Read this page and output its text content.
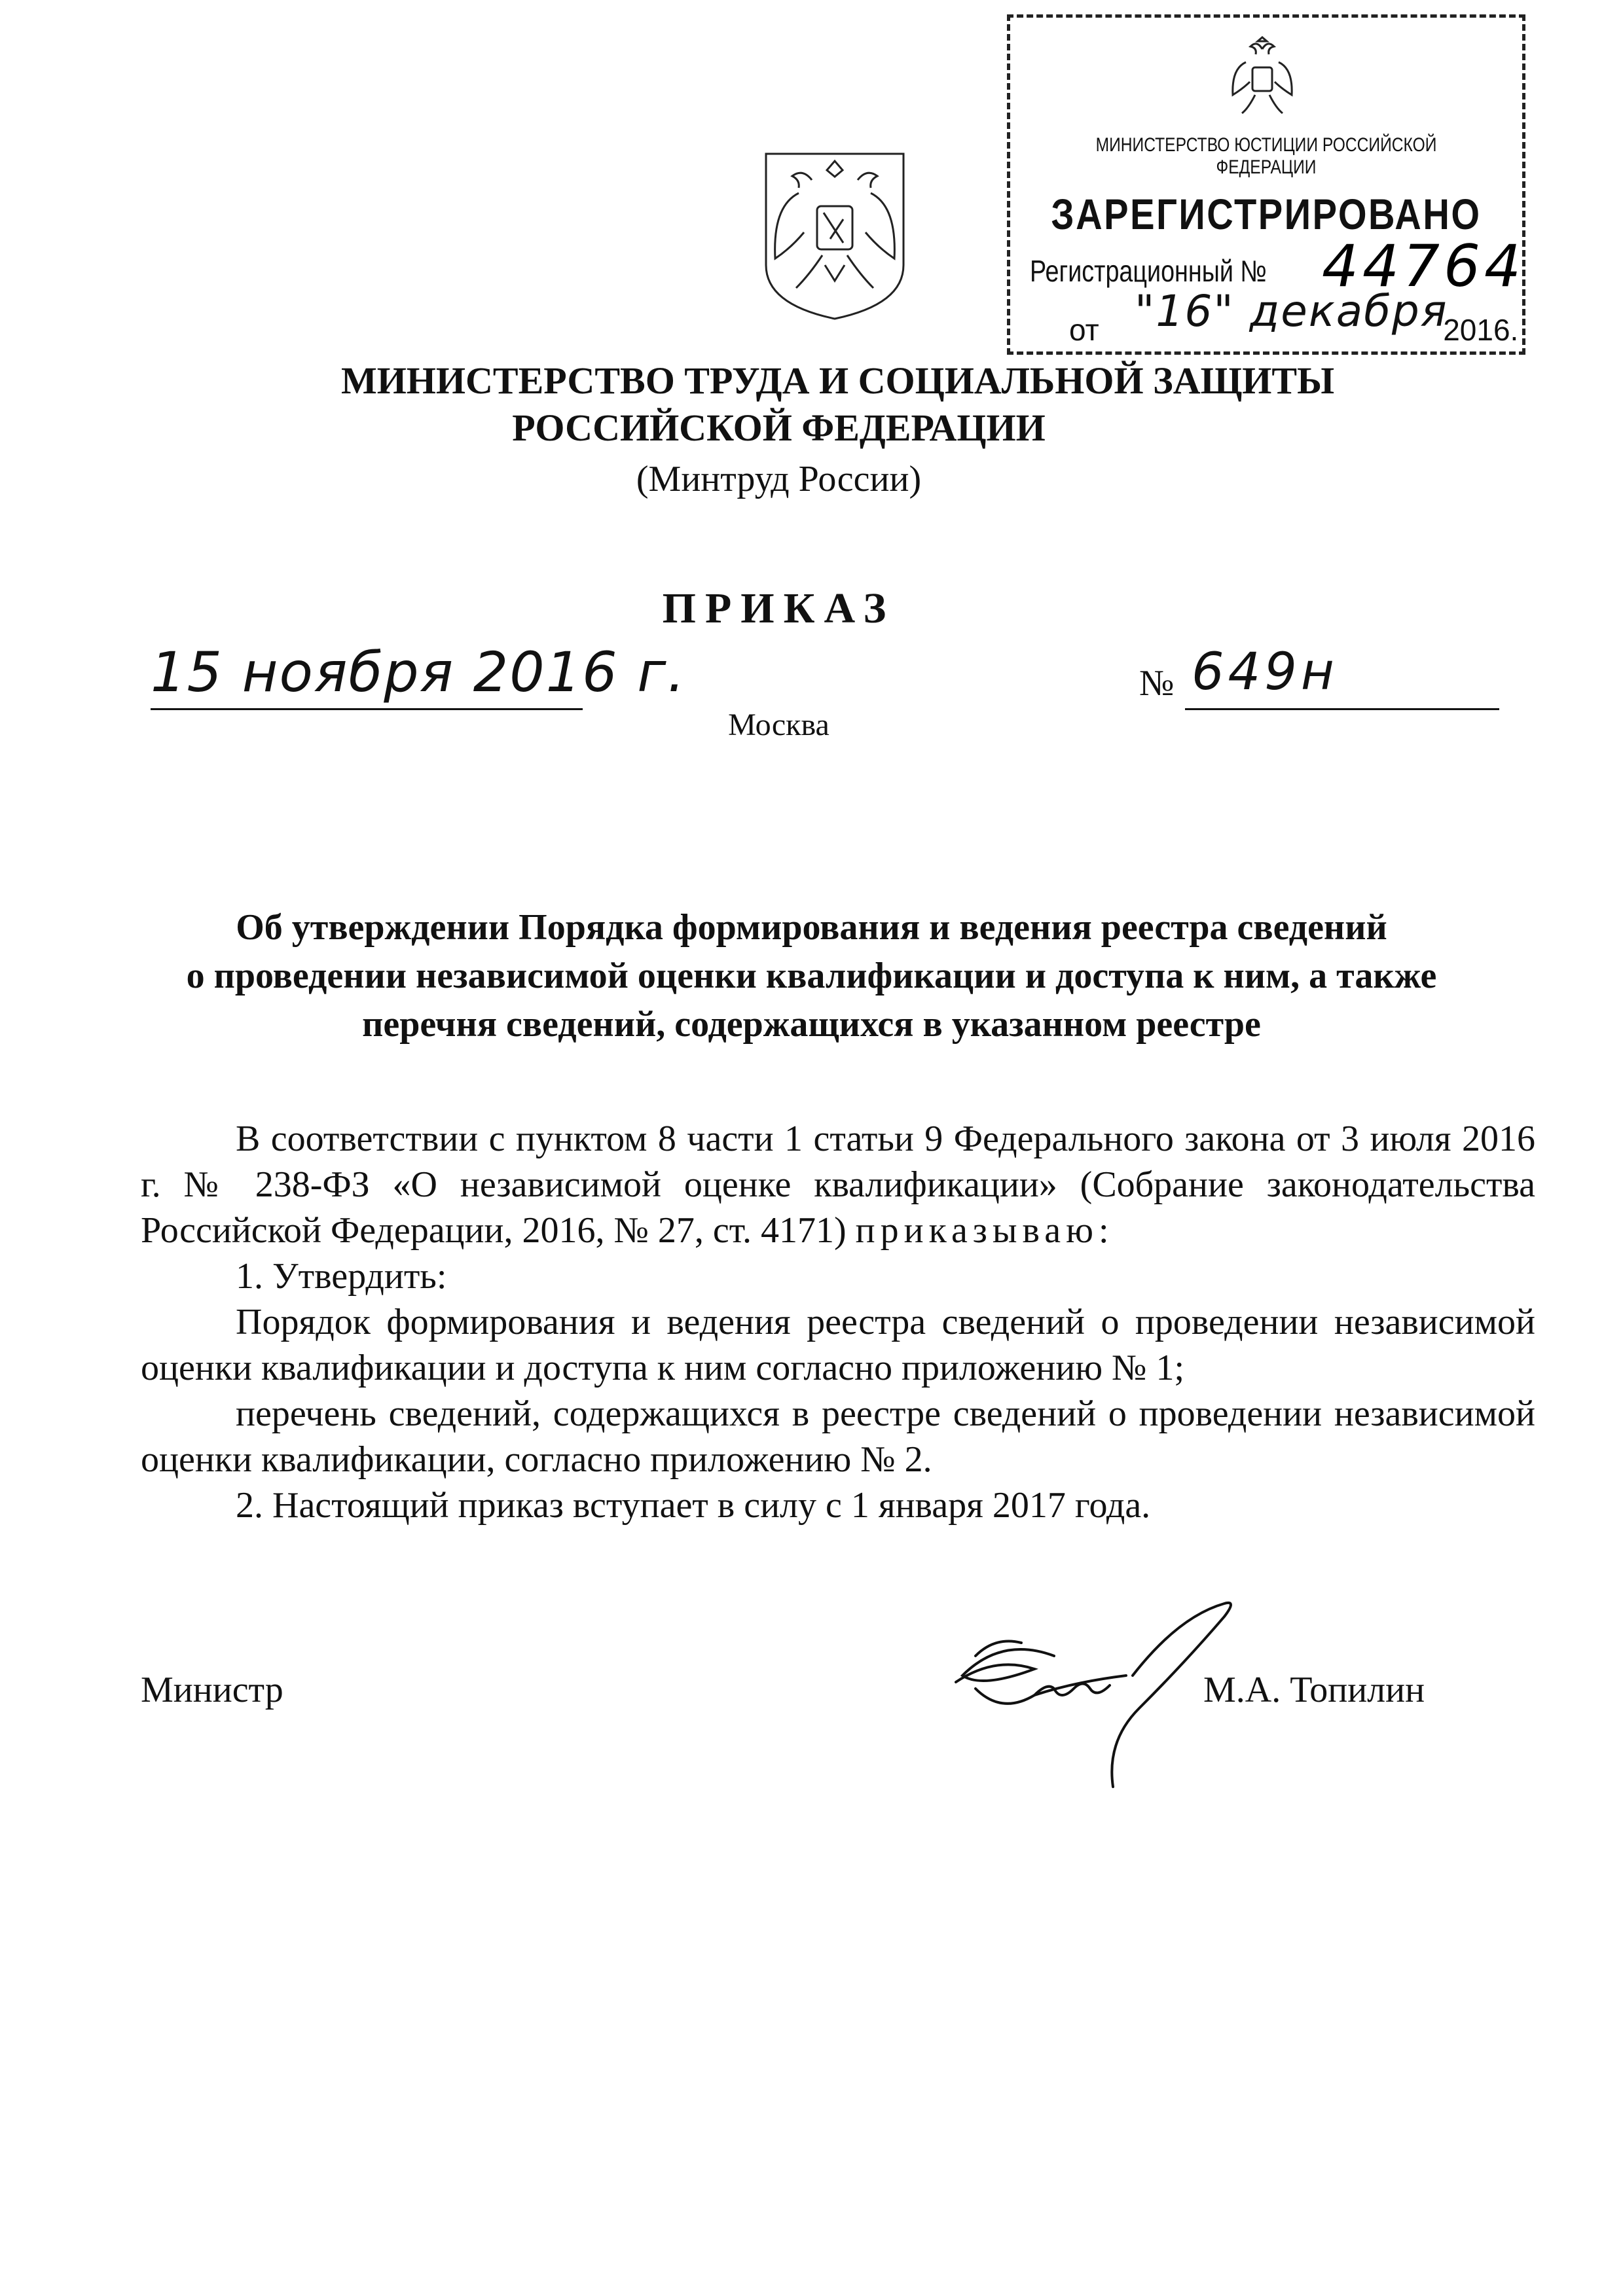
МИНИСТЕРСТВО ЮСТИЦИИ РОССИЙСКОЙ ФЕДЕРАЦИИ
ЗАРЕГИСТРИРОВАНО
Регистрационный № 44764
от	2016.
"16" декабря
МИНИСТЕРСТВО ТРУДА И СОЦИАЛЬНОЙ ЗАЩИТЫ
РОССИЙСКОЙ ФЕДЕРАЦИИ
(Минтруд России)
ПРИКАЗ
15 ноября 2016 г.	№ 649н
Москва
Об утверждении Порядка формирования и ведения реестра сведений
о проведении независимой оценки квалификации и доступа к ним, а также
перечня сведений, содержащихся в указанном реестре

В соответствии с пунктом 8 части 1 статьи 9 Федерального закона от 3 июля 2016 г. № 238-ФЗ «О независимой оценке квалификации» (Собрание законодательства Российской Федерации, 2016, № 27, ст. 4171) приказываю:

1. Утвердить:

Порядок формирования и ведения реестра сведений о проведении независимой оценки квалификации и доступа к ним согласно приложению № 1;

перечень сведений, содержащихся в реестре сведений о проведении независимой оценки квалификации, согласно приложению № 2.

2. Настоящий приказ вступает в силу с 1 января 2017 года.

Министр	М.А. Топилин
